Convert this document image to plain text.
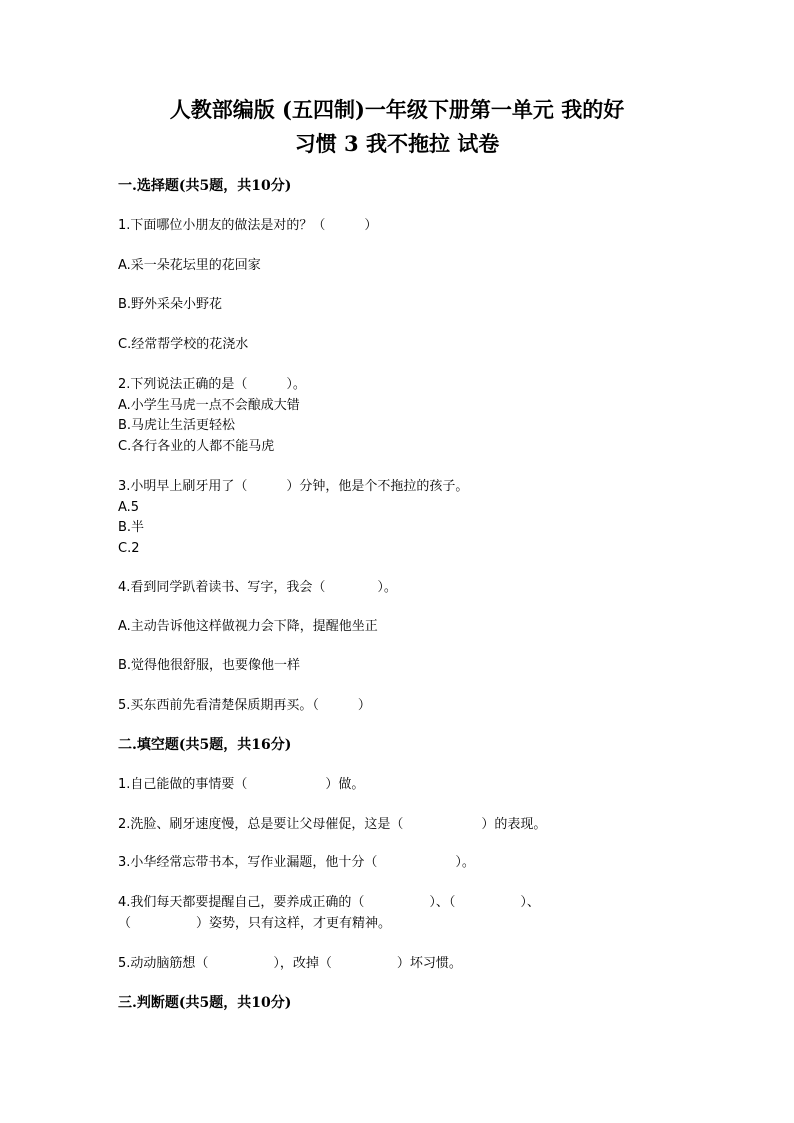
人教部编版 (五四制)一年级下册第一单元 我的好
习惯 3 我不拖拉 试卷
一.选择题(共5题，共10分)
1.下面哪位小朋友的做法是对的？（　　　）
A.采一朵花坛里的花回家
B.野外采朵小野花
C.经常帮学校的花浇水
2.下列说法正确的是（　　　）。
A.小学生马虎一点不会酿成大错
B.马虎让生活更轻松
C.各行各业的人都不能马虎
3.小明早上刷牙用了（　　　）分钟，他是个不拖拉的孩子。
A.5
B.半
C.2
4.看到同学趴着读书、写字，我会（　　　　）。
A.主动告诉他这样做视力会下降，提醒他坐正
B.觉得他很舒服，也要像他一样
5.买东西前先看清楚保质期再买。（　　　）
二.填空题(共5题，共16分)
1.自己能做的事情要（　　　　　　）做。
2.洗脸、刷牙速度慢，总是要让父母催促，这是（　　　　　　）的表现。
3.小华经常忘带书本，写作业漏题，他十分（　　　　　　）。
4.我们每天都要提醒自己，要养成正确的（　　　　　）、（　　　　　）、
（　　　　　）姿势，只有这样，才更有精神。
5.动动脑筋想（　　　　　），改掉（　　　　　）坏习惯。
三.判断题(共5题，共10分)
